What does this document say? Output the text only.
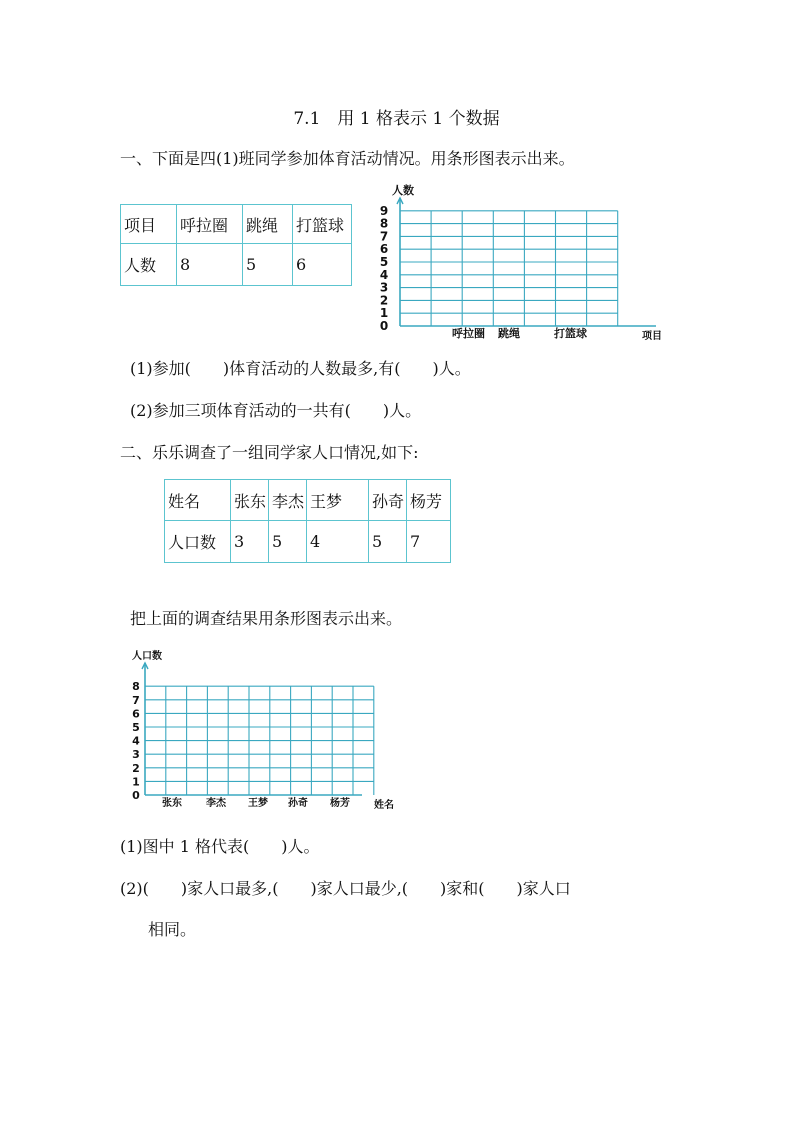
7.1　用 1 格表示 1 个数据
一、下面是四(1)班同学参加体育活动情况。用条形图表示出来。
项目	呼拉圈	跳绳	打篮球
人数	8	5	6
0
1
2
3
4
5
6
7
8
9
人数
项目
呼拉圈 跳绳	打篮球
(1)参加(　　)体育活动的人数最多,有(　　)人。
(2)参加三项体育活动的一共有(　　)人。
二、乐乐调查了一组同学家人口情况,如下:
姓名	张东	李杰	王梦	孙奇	杨芳
人口数	3	5	4	5	7
把上面的调查结果用条形图表示出来。
0
1
2
3
4
5
6
7
8
人口数
姓名
张东 李杰 王梦 孙奇 杨芳
(1)图中 1 格代表(　　)人。
(2)(　　)家人口最多,(　　)家人口最少,(　　)家和(　　)家人口
相同。
